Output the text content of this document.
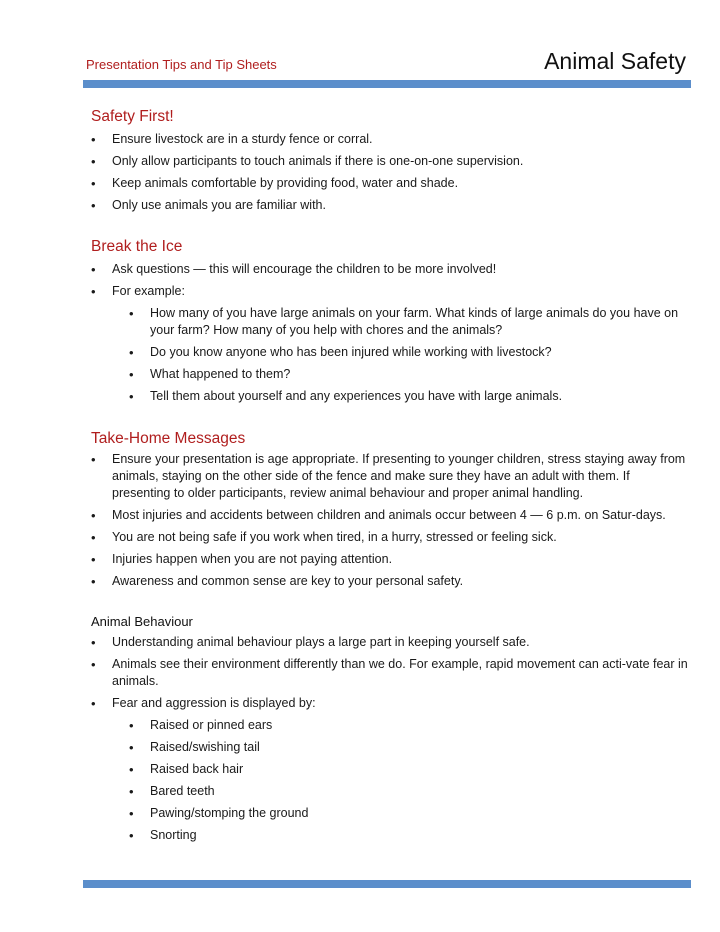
Presentation Tips and Tip Sheets	Animal Safety
Safety First!
• Ensure livestock are in a sturdy fence or corral.
• Only allow participants to touch animals if there is one-on-one supervision.
• Keep animals comfortable by providing food, water and shade.
• Only use animals you are familiar with.
Break the Ice
• Ask questions — this will encourage the children to be more involved!
• For example:
• How many of you have large animals on your farm. What kinds of large animals do you have on your farm? How many of you help with chores and the animals?
• Do you know anyone who has been injured while working with livestock?
• What happened to them?
• Tell them about yourself and any experiences you have with large animals.
Take-Home Messages
• Ensure your presentation is age appropriate. If presenting to younger children, stress staying away from animals, staying on the other side of the fence and make sure they have an adult with them. If presenting to older participants, review animal behaviour and proper animal handling.
• Most injuries and accidents between children and animals occur between 4 — 6 p.m. on Satur-days.
• You are not being safe if you work when tired, in a hurry, stressed or feeling sick.
• Injuries happen when you are not paying attention.
• Awareness and common sense are key to your personal safety.
Animal Behaviour
• Understanding animal behaviour plays a large part in keeping yourself safe.
• Animals see their environment differently than we do. For example, rapid movement can acti-vate fear in animals.
• Fear and aggression is displayed by:
• Raised or pinned ears
• Raised/swishing tail
• Raised back hair
• Bared teeth
• Pawing/stomping the ground
• Snorting
